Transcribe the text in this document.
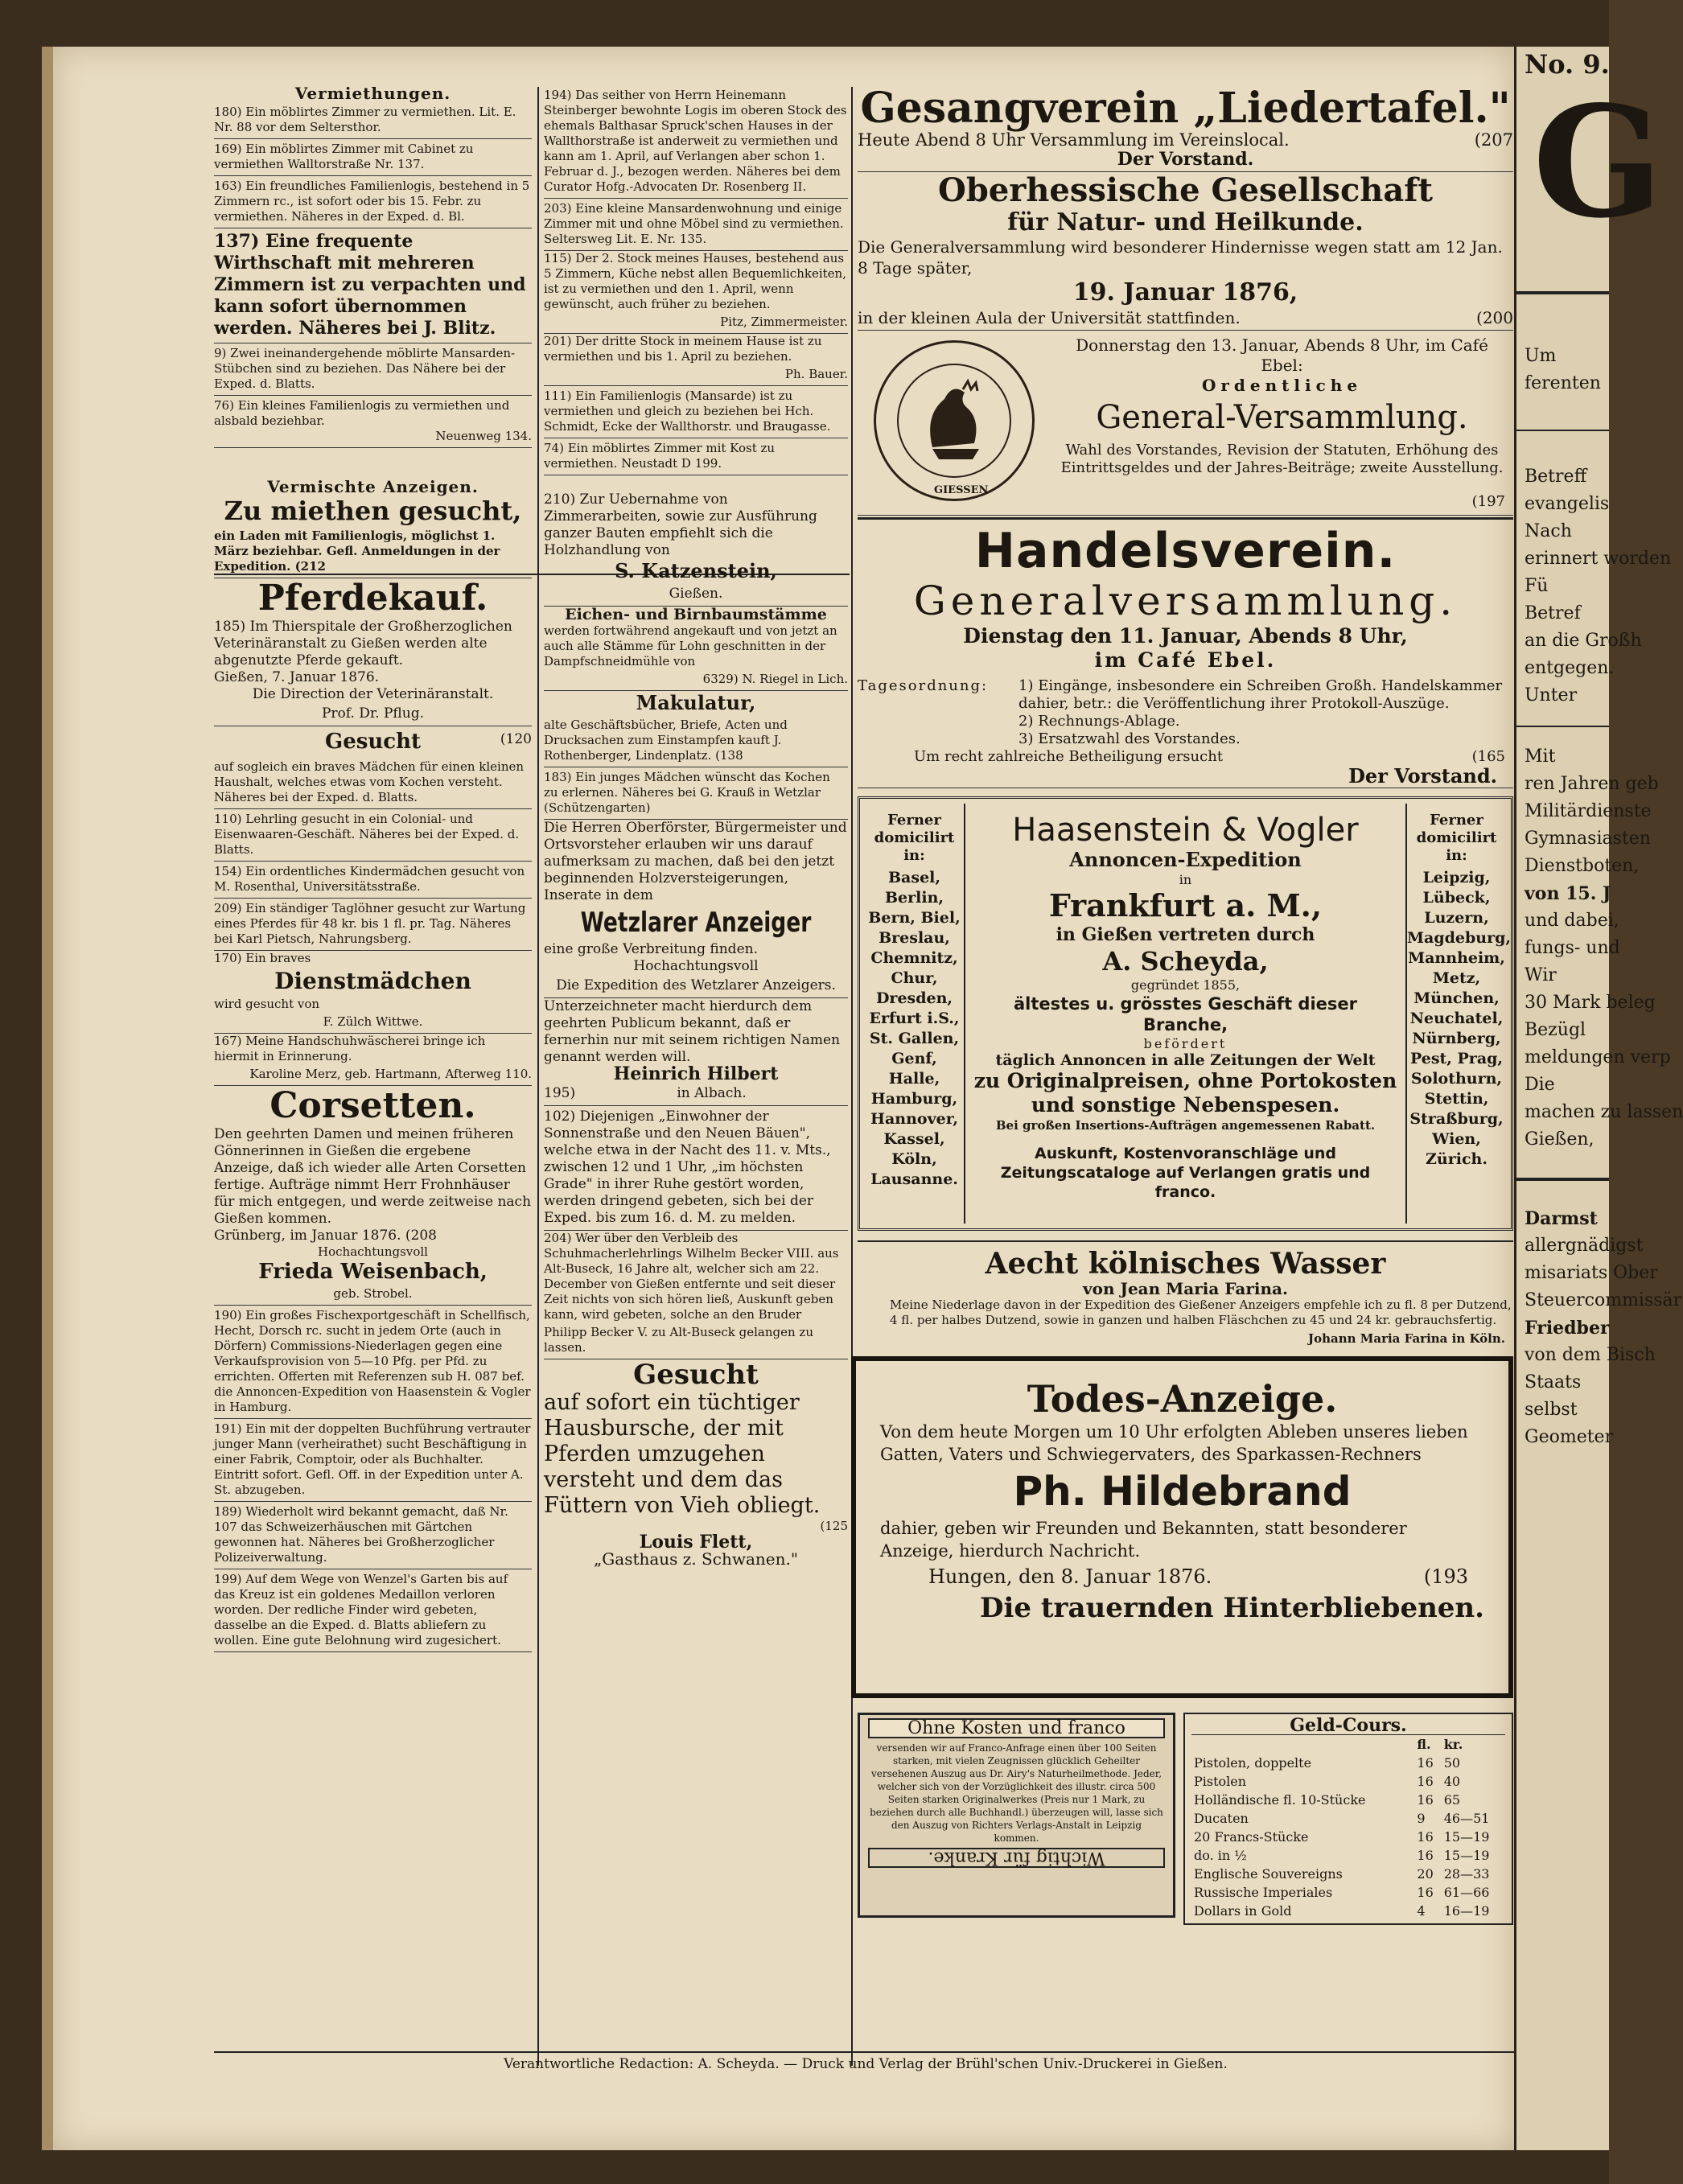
Vermiethungen.
180) Ein möblirtes Zimmer zu vermiethen. Lit. E. Nr. 88 vor dem Seltersthor.
169) Ein möblirtes Zimmer mit Cabinet zu vermiethen Walltorstraße Nr. 137.
163) Ein freundliches Familienlogis, bestehend in 5 Zimmern rc., ist sofort oder bis 15. Febr. zu vermiethen. Näheres in der Exped. d. Bl.
137) Eine frequente Wirthschaft mit mehreren Zimmern ist zu verpachten und kann sofort übernommen werden. Näheres bei J. Blitz.
9) Zwei ineinandergehende möblirte Mansarden-Stübchen sind zu beziehen. Das Nähere bei der Exped. d. Blatts.
76) Ein kleines Familienlogis zu vermiethen und alsbald beziehbar.
Neuenweg 134.
Vermischte Anzeigen.
Zu miethen gesucht,
ein Laden mit Familienlogis, möglichst 1. März beziehbar. Gefl. Anmeldungen in der Expedition. (212
Pferdekauf.
185) Im Thierspitale der Großherzoglichen Veterinäranstalt zu Gießen werden alte abgenutzte Pferde gekauft.
Gießen, 7. Januar 1876.
Die Direction der Veterinäranstalt.
Prof. Dr. Pflug.
Gesucht	(120
auf sogleich ein braves Mädchen für einen kleinen Haushalt, welches etwas vom Kochen versteht. Näheres bei der Exped. d. Blatts.
110) Lehrling gesucht in ein Colonial- und Eisenwaaren-Geschäft. Näheres bei der Exped. d. Blatts.
154) Ein ordentliches Kindermädchen gesucht von M. Rosenthal, Universitätsstraße.
209) Ein ständiger Taglöhner gesucht zur Wartung eines Pferdes für 48 kr. bis 1 fl. pr. Tag. Näheres bei Karl Pietsch, Nahrungsberg.
170) Ein braves
Dienstmädchen
wird gesucht von
F. Zülch Wittwe.
167) Meine Handschuhwäscherei bringe ich hiermit in Erinnerung.
Karoline Merz, geb. Hartmann, Afterweg 110.
Corsetten.
Den geehrten Damen und meinen früheren Gönnerinnen in Gießen die ergebene Anzeige, daß ich wieder alle Arten Corsetten fertige. Aufträge nimmt Herr Frohnhäuser für mich entgegen, und werde zeitweise nach Gießen kommen.
Grünberg, im Januar 1876. (208
Hochachtungsvoll
Frieda Weisenbach,
geb. Strobel.
190) Ein großes Fischexportgeschäft in Schellfisch, Hecht, Dorsch rc. sucht in jedem Orte (auch in Dörfern) Commissions-Niederlagen gegen eine Verkaufsprovision von 5—10 Pfg. per Pfd. zu errichten. Offerten mit Referenzen sub H. 087 bef. die Annoncen-Expedition von Haasenstein & Vogler in Hamburg.
191) Ein mit der doppelten Buchführung vertrauter junger Mann (verheirathet) sucht Beschäftigung in einer Fabrik, Comptoir, oder als Buchhalter. Eintritt sofort. Gefl. Off. in der Expedition unter A. St. abzugeben.
189) Wiederholt wird bekannt gemacht, daß Nr. 107 das Schweizerhäuschen mit Gärtchen gewonnen hat. Näheres bei Großherzoglicher Polizeiverwaltung.
199) Auf dem Wege von Wenzel's Garten bis auf das Kreuz ist ein goldenes Medaillon verloren worden. Der redliche Finder wird gebeten, dasselbe an die Exped. d. Blatts abliefern zu wollen. Eine gute Belohnung wird zugesichert.
194) Das seither von Herrn Heinemann Steinberger bewohnte Logis im oberen Stock des ehemals Balthasar Spruck'schen Hauses in der Wallthorstraße ist anderweit zu vermiethen und kann am 1. April, auf Verlangen aber schon 1. Februar d. J., bezogen werden. Näheres bei dem Curator Hofg.-Advocaten Dr. Rosenberg II.
203) Eine kleine Mansardenwohnung und einige Zimmer mit und ohne Möbel sind zu vermiethen. Seltersweg Lit. E. Nr. 135.
115) Der 2. Stock meines Hauses, bestehend aus 5 Zimmern, Küche nebst allen Bequemlichkeiten, ist zu vermiethen und den 1. April, wenn gewünscht, auch früher zu beziehen.
Pitz, Zimmermeister.
201) Der dritte Stock in meinem Hause ist zu vermiethen und bis 1. April zu beziehen.
Ph. Bauer.
111) Ein Familienlogis (Mansarde) ist zu vermiethen und gleich zu beziehen bei Hch. Schmidt, Ecke der Wallthorstr. und Braugasse.
74) Ein möblirtes Zimmer mit Kost zu vermiethen. Neustadt D 199.
210) Zur Uebernahme von Zimmerarbeiten, sowie zur Ausführung ganzer Bauten empfiehlt sich die Holzhandlung von
S. Katzenstein,
Gießen.
Eichen- und Birnbaumstämme
werden fortwährend angekauft und von jetzt an auch alle Stämme für Lohn geschnitten in der Dampfschneidmühle von
6329) N. Riegel in Lich.
Makulatur,
alte Geschäftsbücher, Briefe, Acten und Drucksachen zum Einstampfen kauft J. Rothenberger, Lindenplatz. (138
183) Ein junges Mädchen wünscht das Kochen zu erlernen. Näheres bei G. Krauß in Wetzlar (Schützengarten)
Die Herren Oberförster, Bürgermeister und Ortsvorsteher erlauben wir uns darauf aufmerksam zu machen, daß bei den jetzt beginnenden Holzversteigerungen, Inserate in dem
Wetzlarer Anzeiger
eine große Verbreitung finden.
Hochachtungsvoll
Die Expedition des Wetzlarer Anzeigers.
Unterzeichneter macht hierdurch dem geehrten Publicum bekannt, daß er fernerhin nur mit seinem richtigen Namen genannt werden will.
Heinrich Hilbert
195)	in Albach.
102) Diejenigen „Einwohner der Sonnenstraße und den Neuen Bäuen", welche etwa in der Nacht des 11. v. Mts., zwischen 12 und 1 Uhr, „im höchsten Grade" in ihrer Ruhe gestört worden, werden dringend gebeten, sich bei der Exped. bis zum 16. d. M. zu melden.
204) Wer über den Verbleib des Schuhmacherlehrlings Wilhelm Becker VIII. aus Alt-Buseck, 16 Jahre alt, welcher sich am 22. December von Gießen entfernte und seit dieser Zeit nichts von sich hören ließ, Auskunft geben kann, wird gebeten, solche an den Bruder
Philipp Becker V. zu Alt-Buseck gelangen zu lassen.
Gesucht
auf sofort ein tüchtiger Hausbursche, der mit Pferden umzugehen versteht und dem das Füttern von Vieh obliegt.
(125
Louis Flett,
„Gasthaus z. Schwanen."
Gesangverein „Liedertafel."
Heute Abend 8 Uhr Versammlung im Vereinslocal.	(207
Der Vorstand.
Oberhessische Gesellschaft
für Natur- und Heilkunde.
Die Generalversammlung wird besonderer Hindernisse wegen statt am 12 Jan. 8 Tage später,
19. Januar 1876,
in der kleinen Aula der Universität stattfinden.	(200
GIESSEN
Donnerstag den 13. Januar, Abends 8 Uhr, im Café Ebel:
Ordentliche
General-Versammlung.
Wahl des Vorstandes, Revision der Statuten, Erhöhung des Eintrittsgeldes und der Jahres-Beiträge; zweite Ausstellung.
(197
Handelsverein.
Generalversammlung.
Dienstag den 11. Januar, Abends 8 Uhr,
im Café Ebel.
Tagesordnung:	1) Eingänge, insbesondere ein Schreiben Großh. Handelskammer dahier, betr.: die Veröffentlichung ihrer Protokoll-Auszüge.
2) Rechnungs-Ablage.
3) Ersatzwahl des Vorstandes.
Um recht zahlreiche Betheiligung ersucht	(165
Der Vorstand.
Ferner domicilirt in:
Basel, Berlin, Bern, Biel, Breslau, Chemnitz, Chur, Dresden, Erfurt i.S., St. Gallen, Genf, Halle, Hamburg, Hannover, Kassel, Köln, Lausanne.
Haasenstein & Vogler
Annoncen-Expedition
in
Frankfurt a. M.,
in Gießen vertreten durch
A. Scheyda,
gegründet 1855,
ältestes u. grösstes Geschäft dieser Branche,
befördert
täglich Annoncen in alle Zeitungen der Welt
zu Originalpreisen, ohne Portokosten
und sonstige Nebenspesen.
Bei großen Insertions-Aufträgen angemessenen Rabatt.
Auskunft, Kostenvoranschläge und Zeitungscataloge auf Verlangen gratis und franco.
Ferner domicilirt in:
Leipzig, Lübeck, Luzern, Magdeburg, Mannheim, Metz, München, Neuchatel, Nürnberg, Pest, Prag, Solothurn, Stettin, Straßburg, Wien, Zürich.
Aecht kölnisches Wasser
von Jean Maria Farina.
Meine Niederlage davon in der Expedition des Gießener Anzeigers empfehle ich zu fl. 8 per Dutzend, 4 fl. per halbes Dutzend, sowie in ganzen und halben Fläschchen zu 45 und 24 kr. gebrauchsfertig.
Johann Maria Farina in Köln.
Todes-Anzeige.
Von dem heute Morgen um 10 Uhr erfolgten Ableben unseres lieben Gatten, Vaters und Schwiegervaters, des Sparkassen-Rechners
Ph. Hildebrand
dahier, geben wir Freunden und Bekannten, statt besonderer Anzeige, hierdurch Nachricht.
Hungen, den 8. Januar 1876.	(193
Die trauernden Hinterbliebenen.
Ohne Kosten und franco
versenden wir auf Franco-Anfrage einen über 100 Seiten starken, mit vielen Zeugnissen glücklich Geheilter versehenen Auszug aus Dr. Airy's Naturheilmethode. Jeder, welcher sich von der Vorzüglichkeit des illustr. circa 500 Seiten starken Originalwerkes (Preis nur 1 Mark, zu beziehen durch alle Buchhandl.) überzeugen will, lasse sich den Auszug von Richters Verlags-Anstalt in Leipzig kommen.
Wichtig für Kranke.
Geld-Cours.
	fl.	kr.
Pistolen, doppelte	16	50
Pistolen	16	40
Holländische fl. 10-Stücke	16	65
Ducaten	9	46—51
20 Francs-Stücke	16	15—19
do. in ½	16	15—19
Englische Souvereigns	20	28—33
Russische Imperiales	16	61—66
Dollars in Gold	4	16—19
Verantwortliche Redaction: A. Scheyda. — Druck und Verlag der Brühl'schen Univ.-Druckerei in Gießen.
No. 9.
G
Um
ferenten
Betreff
evangelis
Nach
erinnert worden
Fü
Betref
an die Großh
entgegen.
Unter
Mit
ren Jahren geb
Militärdienste
Gymnasiasten
Dienstboten,
von 15. J
und dabei,
fungs- und
Wir
30 Mark beleg
Bezügl
meldungen verp
Die
machen zu lassen
Gießen,
Darmst
allergnädigst
misariats Ober
Steuercommissär
Friedber
von dem Bisch
Staats
selbst
Geometer
